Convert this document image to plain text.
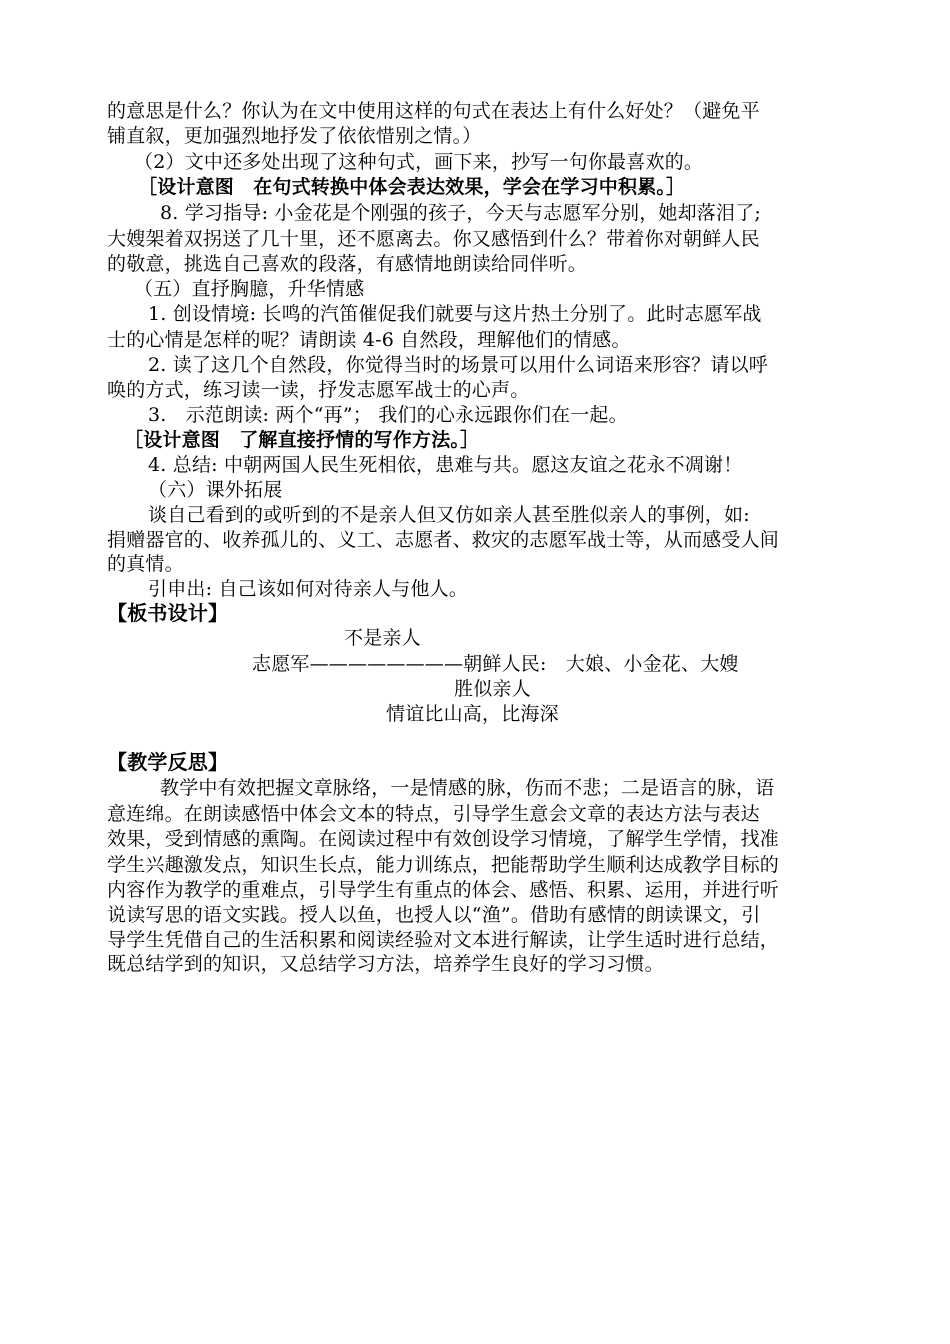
的意思是什么？你认为在文中使用这样的句式在表达上有什么好处？（避免平
铺直叙，更加强烈地抒发了依依惜别之情。）
（2）文中还多处出现了这种句式，画下来，抄写一句你最喜欢的。
［设计意图　在句式转换中体会表达效果，学会在学习中积累。］
8. 学习指导: 小金花是个刚强的孩子，今天与志愿军分别，她却落泪了;
大嫂架着双拐送了几十里，还不愿离去。你又感悟到什么？带着你对朝鲜人民
的敬意，挑选自己喜欢的段落，有感情地朗读给同伴听。
（五）直抒胸臆，升华情感
1. 创设情境: 长鸣的汽笛催促我们就要与这片热土分别了。此时志愿军战
士的心情是怎样的呢？请朗读 4-6 自然段，理解他们的情感。
2. 读了这几个自然段，你觉得当时的场景可以用什么词语来形容？请以呼
唤的方式，练习读一读，抒发志愿军战士的心声。
3.　示范朗读: 两个“再”； 我们的心永远跟你们在一起。
［设计意图　了解直接抒情的写作方法。］
4. 总结: 中朝两国人民生死相依，患难与共。愿这友谊之花永不凋谢！
（六）课外拓展
谈自己看到的或听到的不是亲人但又仿如亲人甚至胜似亲人的事例，如:
捐赠器官的、收养孤儿的、义工、志愿者、救灾的志愿军战士等，从而感受人间
的真情。
引申出: 自己该如何对待亲人与他人。
【板书设计】
不是亲人
志愿军————————朝鲜人民:　大娘、小金花、大嫂
胜似亲人
情谊比山高，比海深
【教学反思】
教学中有效把握文章脉络，一是情感的脉，伤而不悲；二是语言的脉，语
意连绵。在朗读感悟中体会文本的特点，引导学生意会文章的表达方法与表达
效果，受到情感的熏陶。在阅读过程中有效创设学习情境，了解学生学情，找准
学生兴趣激发点，知识生长点，能力训练点，把能帮助学生顺利达成教学目标的
内容作为教学的重难点，引导学生有重点的体会、感悟、积累、运用，并进行听
说读写思的语文实践。授人以鱼，也授人以“渔”。借助有感情的朗读课文，引
导学生凭借自己的生活积累和阅读经验对文本进行解读，让学生适时进行总结，
既总结学到的知识，又总结学习方法，培养学生良好的学习习惯。
